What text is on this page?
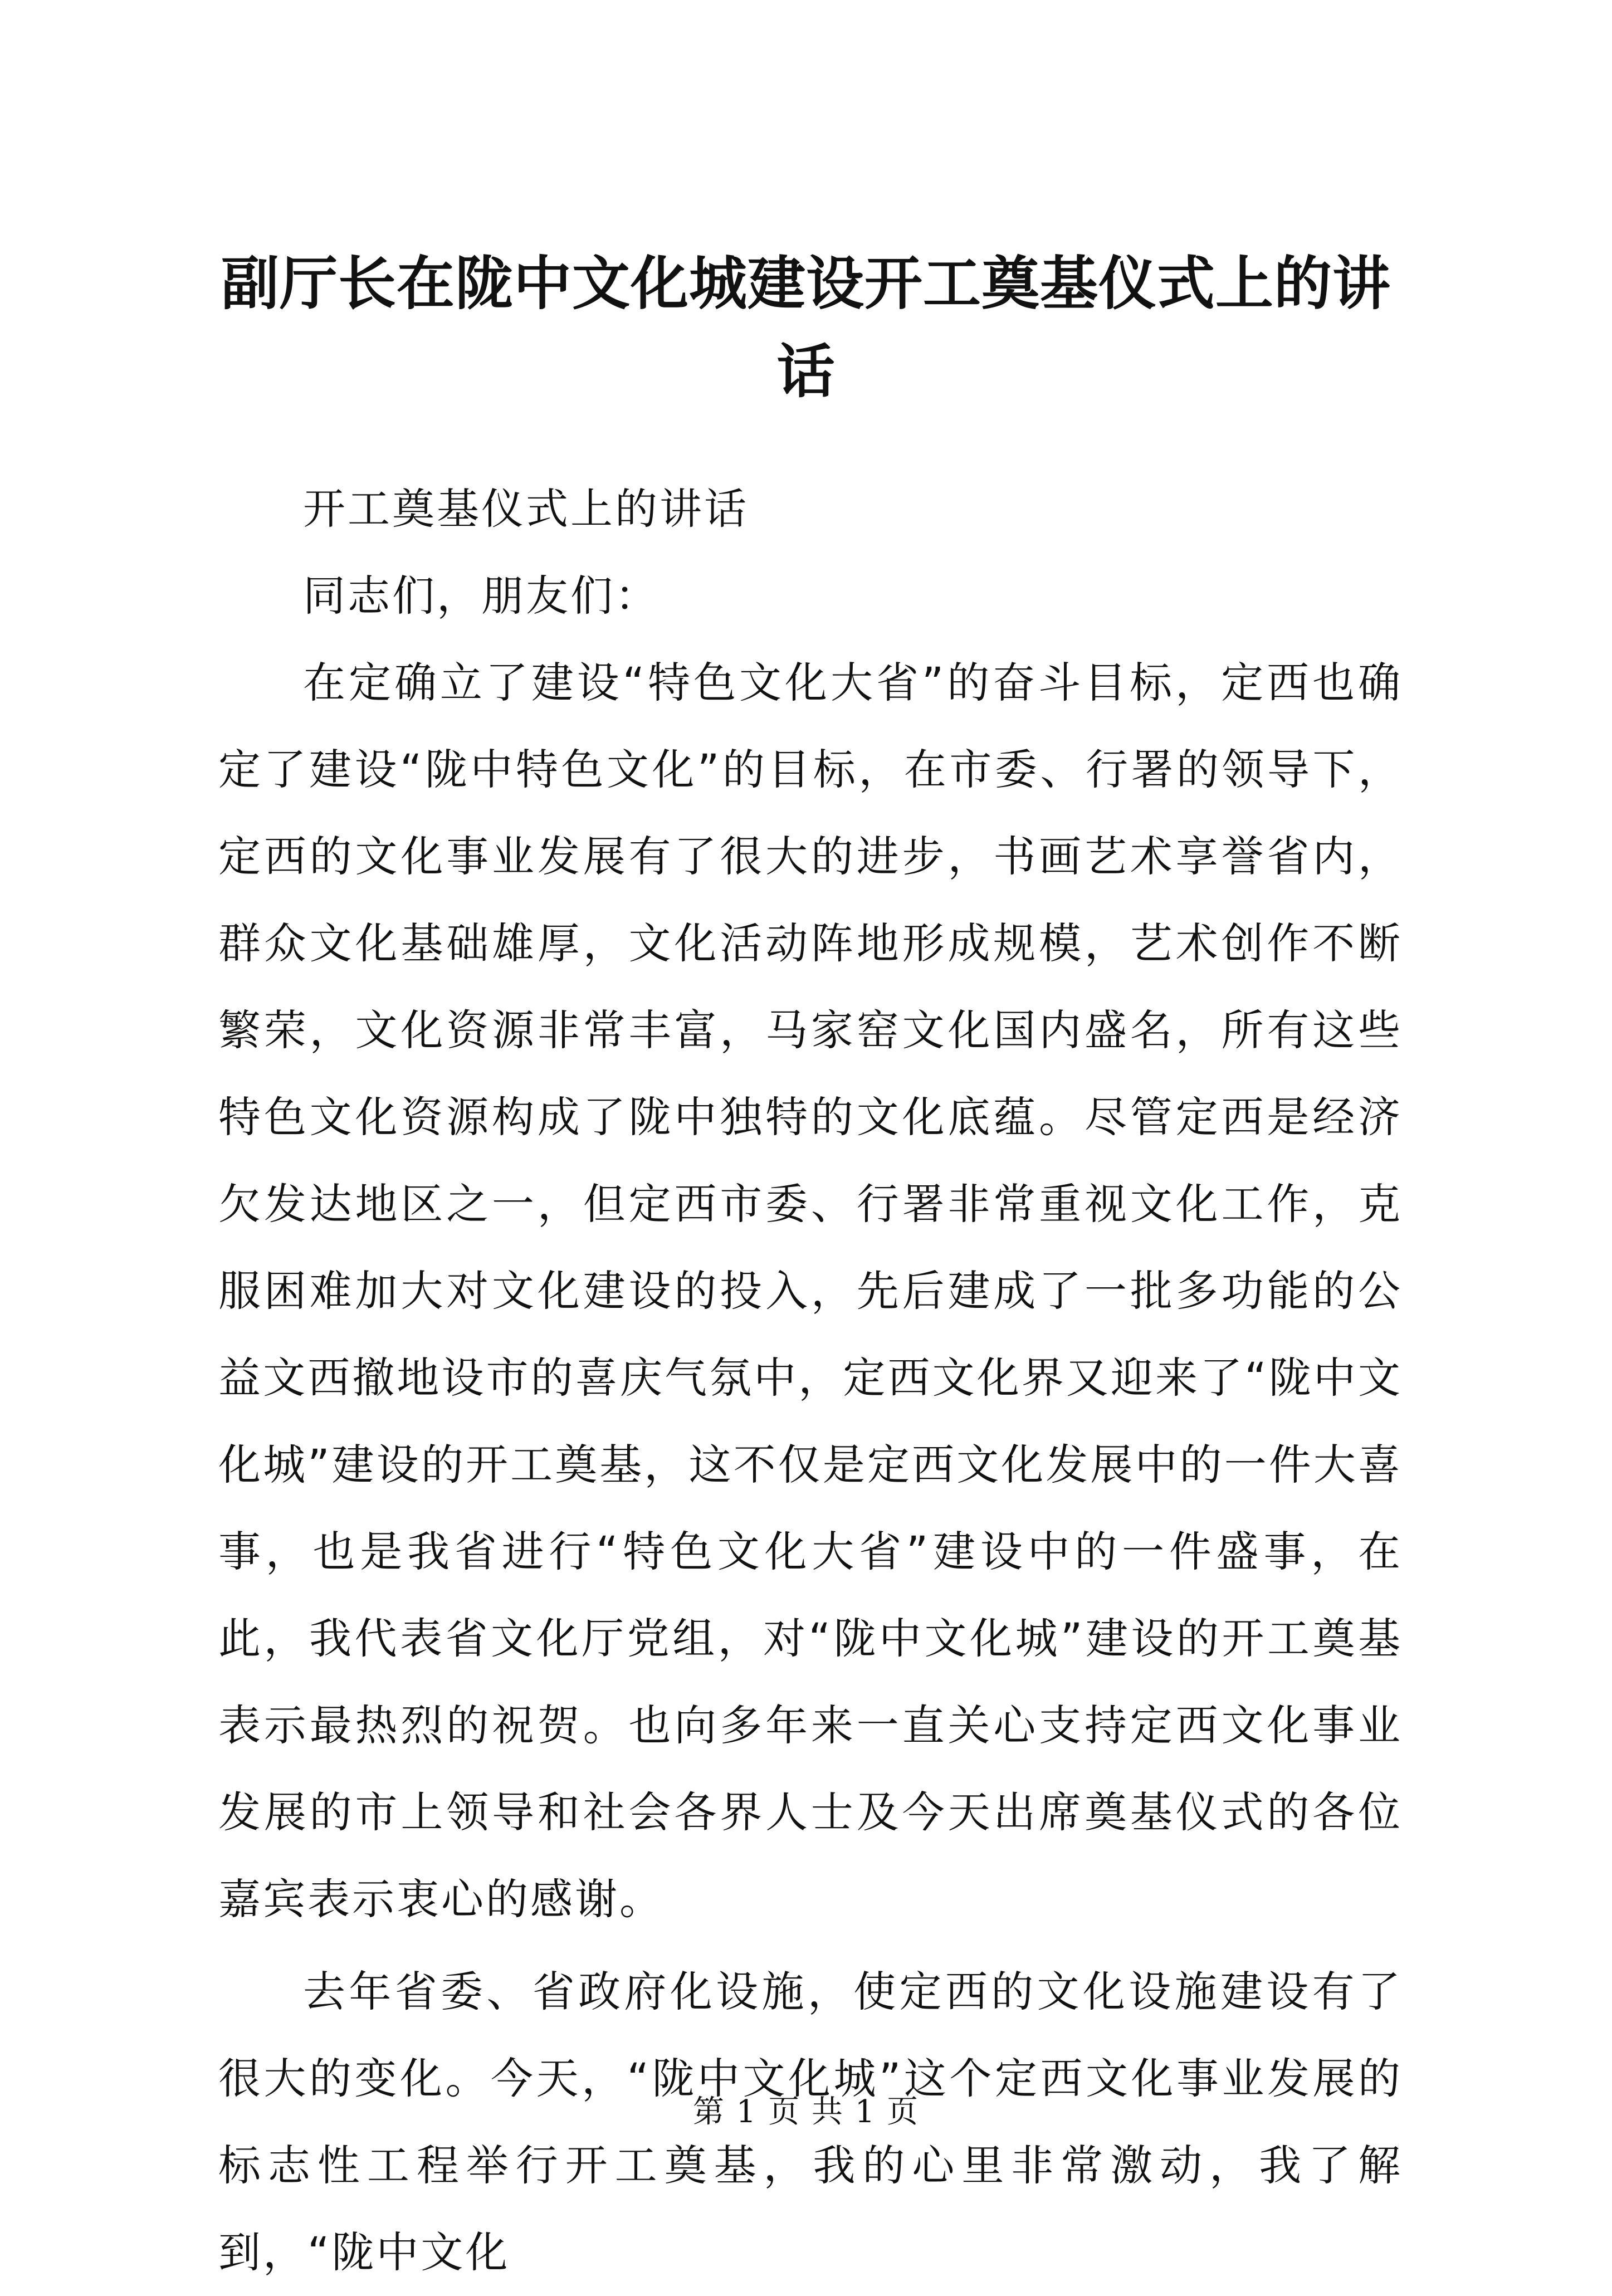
副厅长在陇中文化城建设开工奠基仪式上的讲话

开工奠基仪式上的讲话

同志们，朋友们：

在定确立了建设“特色文化大省”的奋斗目标，定西也确定了建设“陇中特色文化”的目标，在市委、行署的领导下，定西的文化事业发展有了很大的进步，书画艺术享誉省内，群众文化基础雄厚，文化活动阵地形成规模，艺术创作不断繁荣，文化资源非常丰富，马家窑文化国内盛名，所有这些特色文化资源构成了陇中独特的文化底蕴。尽管定西是经济欠发达地区之一，但定西市委、行署非常重视文化工作，克服困难加大对文化建设的投入，先后建成了一批多功能的公益文西撤地设市的喜庆气氛中，定西文化界又迎来了“陇中文化城”建设的开工奠基，这不仅是定西文化发展中的一件大喜事，也是我省进行“特色文化大省”建设中的一件盛事，在此，我代表省文化厅党组，对“陇中文化城”建设的开工奠基表示最热烈的祝贺。也向多年来一直关心支持定西文化事业发展的市上领导和社会各界人士及今天出席奠基仪式的各位嘉宾表示衷心的感谢。

去年省委、省政府化设施，使定西的文化设施建设有了很大的变化。今天，“陇中文化城”这个定西文化事业发展的标志性工程举行开工奠基，我的心里非常激动，我了解到，“陇中文化

第 1 页 共 1 页
